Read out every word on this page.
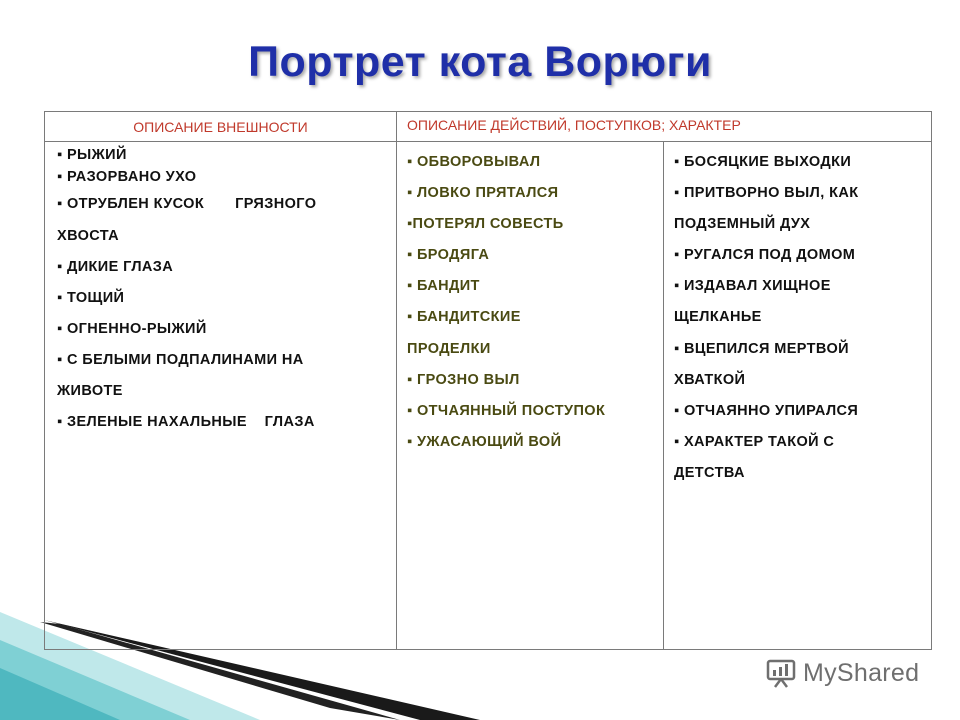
Портрет кота Ворюги
ОПИСАНИЕ ВНЕШНОСТИ	ОПИСАНИЕ ДЕЙСТВИЙ, ПОСТУПКОВ; ХАРАКТЕР
▪ РЫЖИЙ
▪ РАЗОРВАНО УХО
▪ ОТРУБЛЕН КУСОК       ГРЯЗНОГО
ХВОСТА
▪ ДИКИЕ ГЛАЗА
▪ ТОЩИЙ
▪ ОГНЕННО-РЫЖИЙ
▪ С БЕЛЫМИ ПОДПАЛИНАМИ НА
ЖИВОТЕ
▪ ЗЕЛЕНЫЕ НАХАЛЬНЫЕ    ГЛАЗА
▪ ОБВОРОВЫВАЛ
▪ ЛОВКО ПРЯТАЛСЯ
▪ПОТЕРЯЛ СОВЕСТЬ
▪ БРОДЯГА
▪ БАНДИТ
▪ БАНДИТСКИЕ
ПРОДЕЛКИ
▪ ГРОЗНО ВЫЛ
▪ ОТЧАЯННЫЙ ПОСТУПОК
▪ УЖАСАЮЩИЙ ВОЙ
▪ БОСЯЦКИЕ ВЫХОДКИ
▪ ПРИТВОРНО ВЫЛ, КАК
ПОДЗЕМНЫЙ ДУХ
▪ РУГАЛСЯ ПОД ДОМОМ
▪ ИЗДАВАЛ ХИЩНОЕ
ЩЕЛКАНЬЕ
▪ ВЦЕПИЛСЯ МЕРТВОЙ
ХВАТКОЙ
▪ ОТЧАЯННО УПИРАЛСЯ
▪ ХАРАКТЕР ТАКОЙ С
ДЕТСТВА
MyShared
